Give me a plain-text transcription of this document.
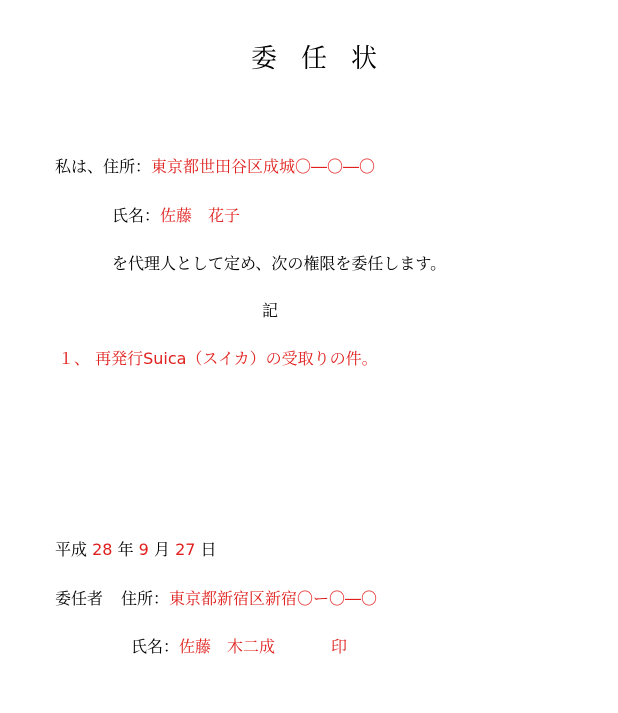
委 任 状
私は、住所：東京都世田谷区成城〇―〇―〇
氏名：佐藤　花子
を代理人として定め、次の権限を委任します。
記
１、 再発行Suica（スイカ）の受取りの件。
平成 28 年 9 月 27 日
委任者 住所：東京都新宿区新宿〇ー〇―〇
氏名：佐藤　木二成	印
